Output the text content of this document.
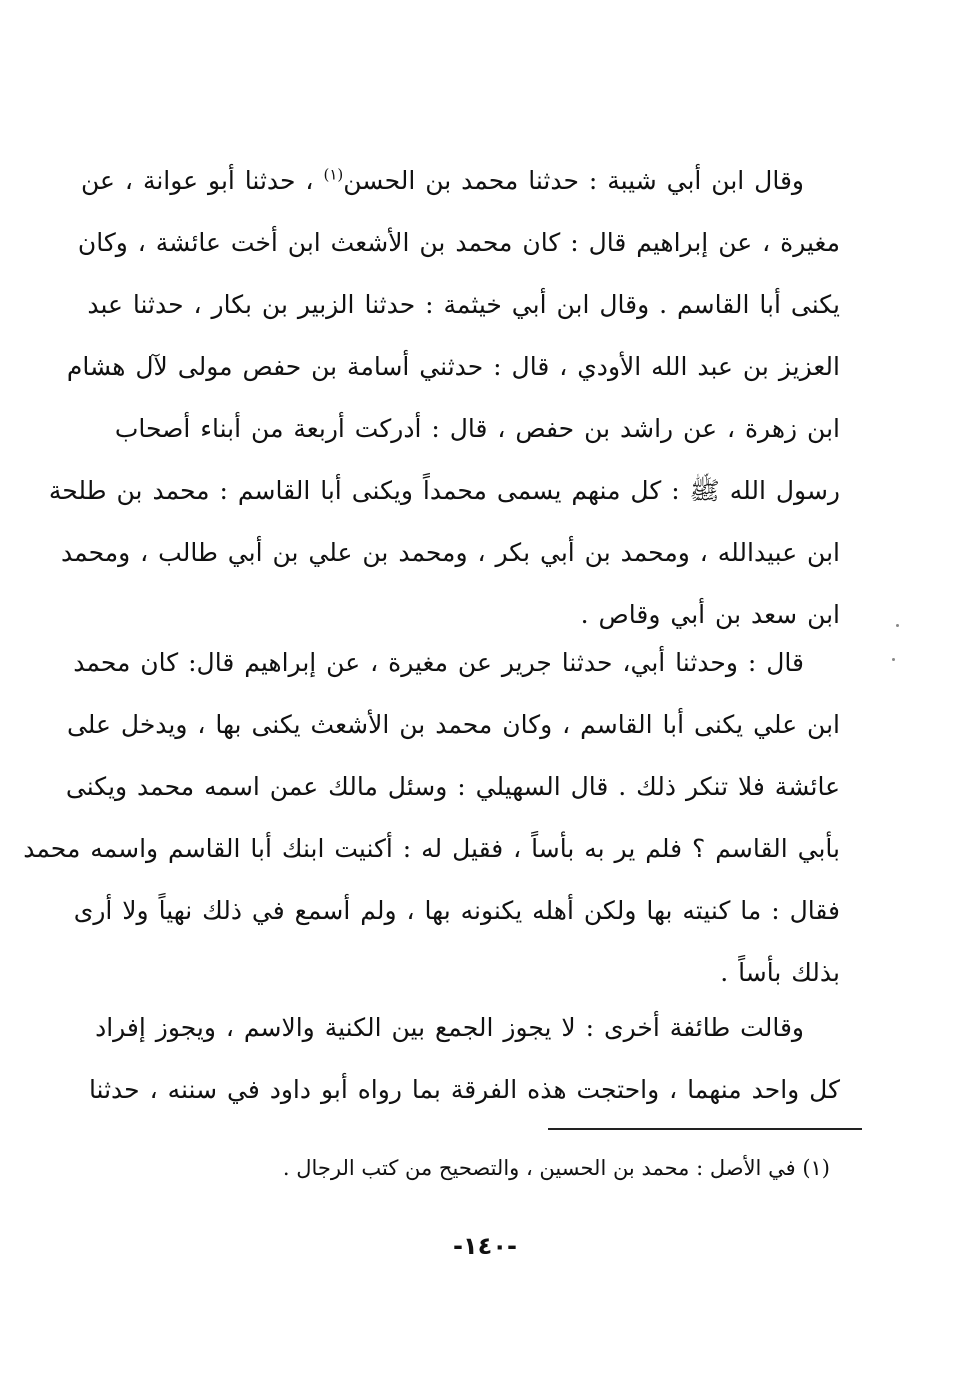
وقال ابن أبي شيبة : حدثنا محمد بن الحسن$^{(١)}$ ، حدثنا أبو عوانة ، عن
مغيرة ، عن إبراهيم قال : كان محمد بن الأشعث ابن أخت عائشة ، وكان
يكنى أبا القاسم . وقال ابن أبي خيثمة : حدثنا الزبير بن بكار ، حدثنا عبد
العزيز بن عبد الله الأودي ، قال : حدثني أسامة بن حفص مولى لآل هشام
ابن زهرة ، عن راشد بن حفص ، قال : أدركت أربعة من أبناء أصحاب
رسول الله ﷺ : كل منهم يسمى محمداً ويكنى أبا القاسم : محمد بن طلحة
ابن عبيدالله ، ومحمد بن أبي بكر ، ومحمد بن علي بن أبي طالب ، ومحمد
ابن سعد بن أبي وقاص .
قال : وحدثنا أبي، حدثنا جرير عن مغيرة ، عن إبراهيم قال: كان محمد
ابن علي يكنى أبا القاسم ، وكان محمد بن الأشعث يكنى بها ، ويدخل على
عائشة فلا تنكر ذلك . قال السهيلي : وسئل مالك عمن اسمه محمد ويكنى
بأبي القاسم ؟ فلم ير به بأساً ، فقيل له : أكنيت ابنك أبا القاسم واسمه محمد
فقال : ما كنيته بها ولكن أهله يكنونه بها ، ولم أسمع في ذلك نهياً ولا أرى
بذلك بأساً .
وقالت طائفة أخرى : لا يجوز الجمع بين الكنية والاسم ، ويجوز إفراد
كل واحد منهما ، واحتجت هذه الفرقة بما رواه أبو داود في سننه ، حدثنا
(١) في الأصل : محمد بن الحسين ، والتصحيح من كتب الرجال .
-١٤٠-
